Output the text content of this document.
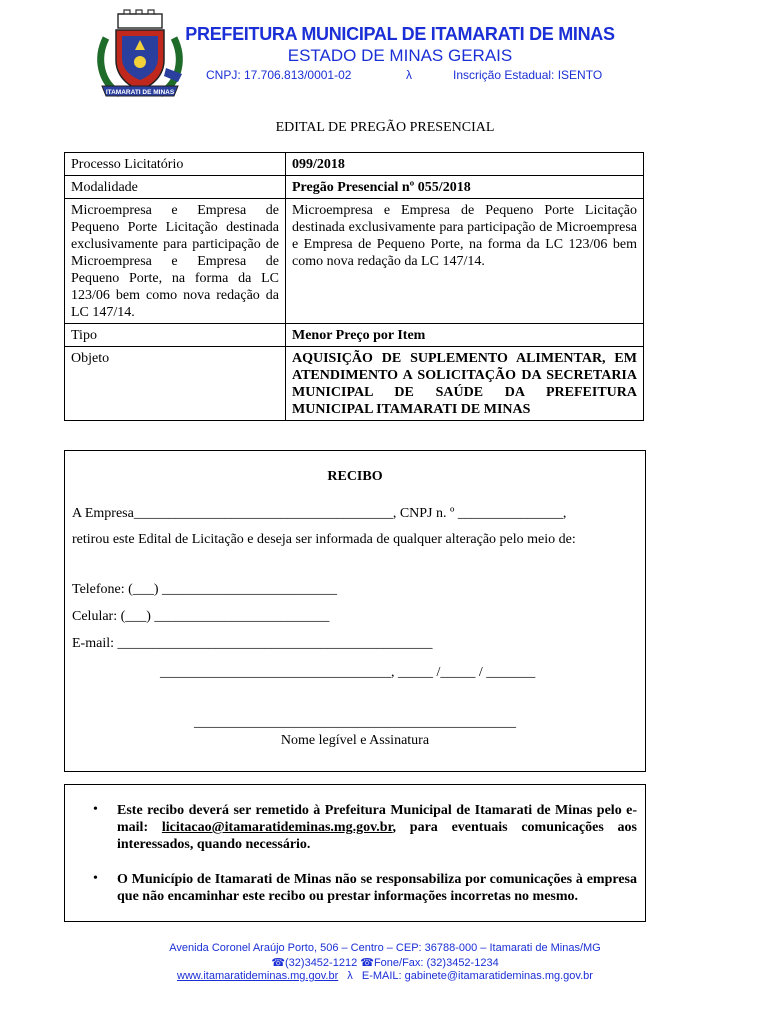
ITAMARATI DE MINAS
PREFEITURA MUNICIPAL DE ITAMARATI DE MINAS
ESTADO DE MINAS GERAIS
CNPJ: 17.706.813/0001-02	λ	Inscrição Estadual: ISENTO
EDITAL DE PREGÃO PRESENCIAL
Processo Licitatório	099/2018
Modalidade	Pregão Presencial nº 055/2018
Microempresa e Empresa de Pequeno Porte Licitação destinada exclusivamente para participação de Microempresa e Empresa de Pequeno Porte, na forma da LC 123/06 bem como nova redação da LC 147/14.	Microempresa e Empresa de Pequeno Porte Licitação destinada exclusivamente para participação de Microempresa e Empresa de Pequeno Porte, na forma da LC 123/06 bem como nova redação da LC 147/14.
Tipo	Menor Preço por Item
Objeto	AQUISIÇÃO DE SUPLEMENTO ALIMENTAR, EM ATENDIMENTO A SOLICITAÇÃO DA SECRETARIA MUNICIPAL DE SAÚDE DA PREFEITURA MUNICIPAL ITAMARATI DE MINAS
RECIBO
A Empresa_____________________________________, CNPJ n. º _______________,
retirou este Edital de Licitação e deseja ser informada de qualquer alteração pelo meio de:
Telefone: (___) _________________________
Celular: (___) _________________________
E-mail: _____________________________________________
_________________________________, _____ /_____ / _______
______________________________________________
Nome legível e Assinatura
• Este recibo deverá ser remetido à Prefeitura Municipal de Itamarati de Minas pelo e-mail: licitacao@itamaratideminas.mg.gov.br, para eventuais comunicações aos interessados, quando necessário.
• O Município de Itamarati de Minas não se responsabiliza por comunicações à empresa que não encaminhar este recibo ou prestar informações incorretas no mesmo.
Avenida Coronel Araújo Porto, 506 – Centro – CEP: 36788-000 – Itamarati de Minas/MG
☎(32)3452-1212 ☎Fone/Fax: (32)3452-1234
www.itamaratideminas.mg.gov.br λ E-MAIL: gabinete@itamaratideminas.mg.gov.br
